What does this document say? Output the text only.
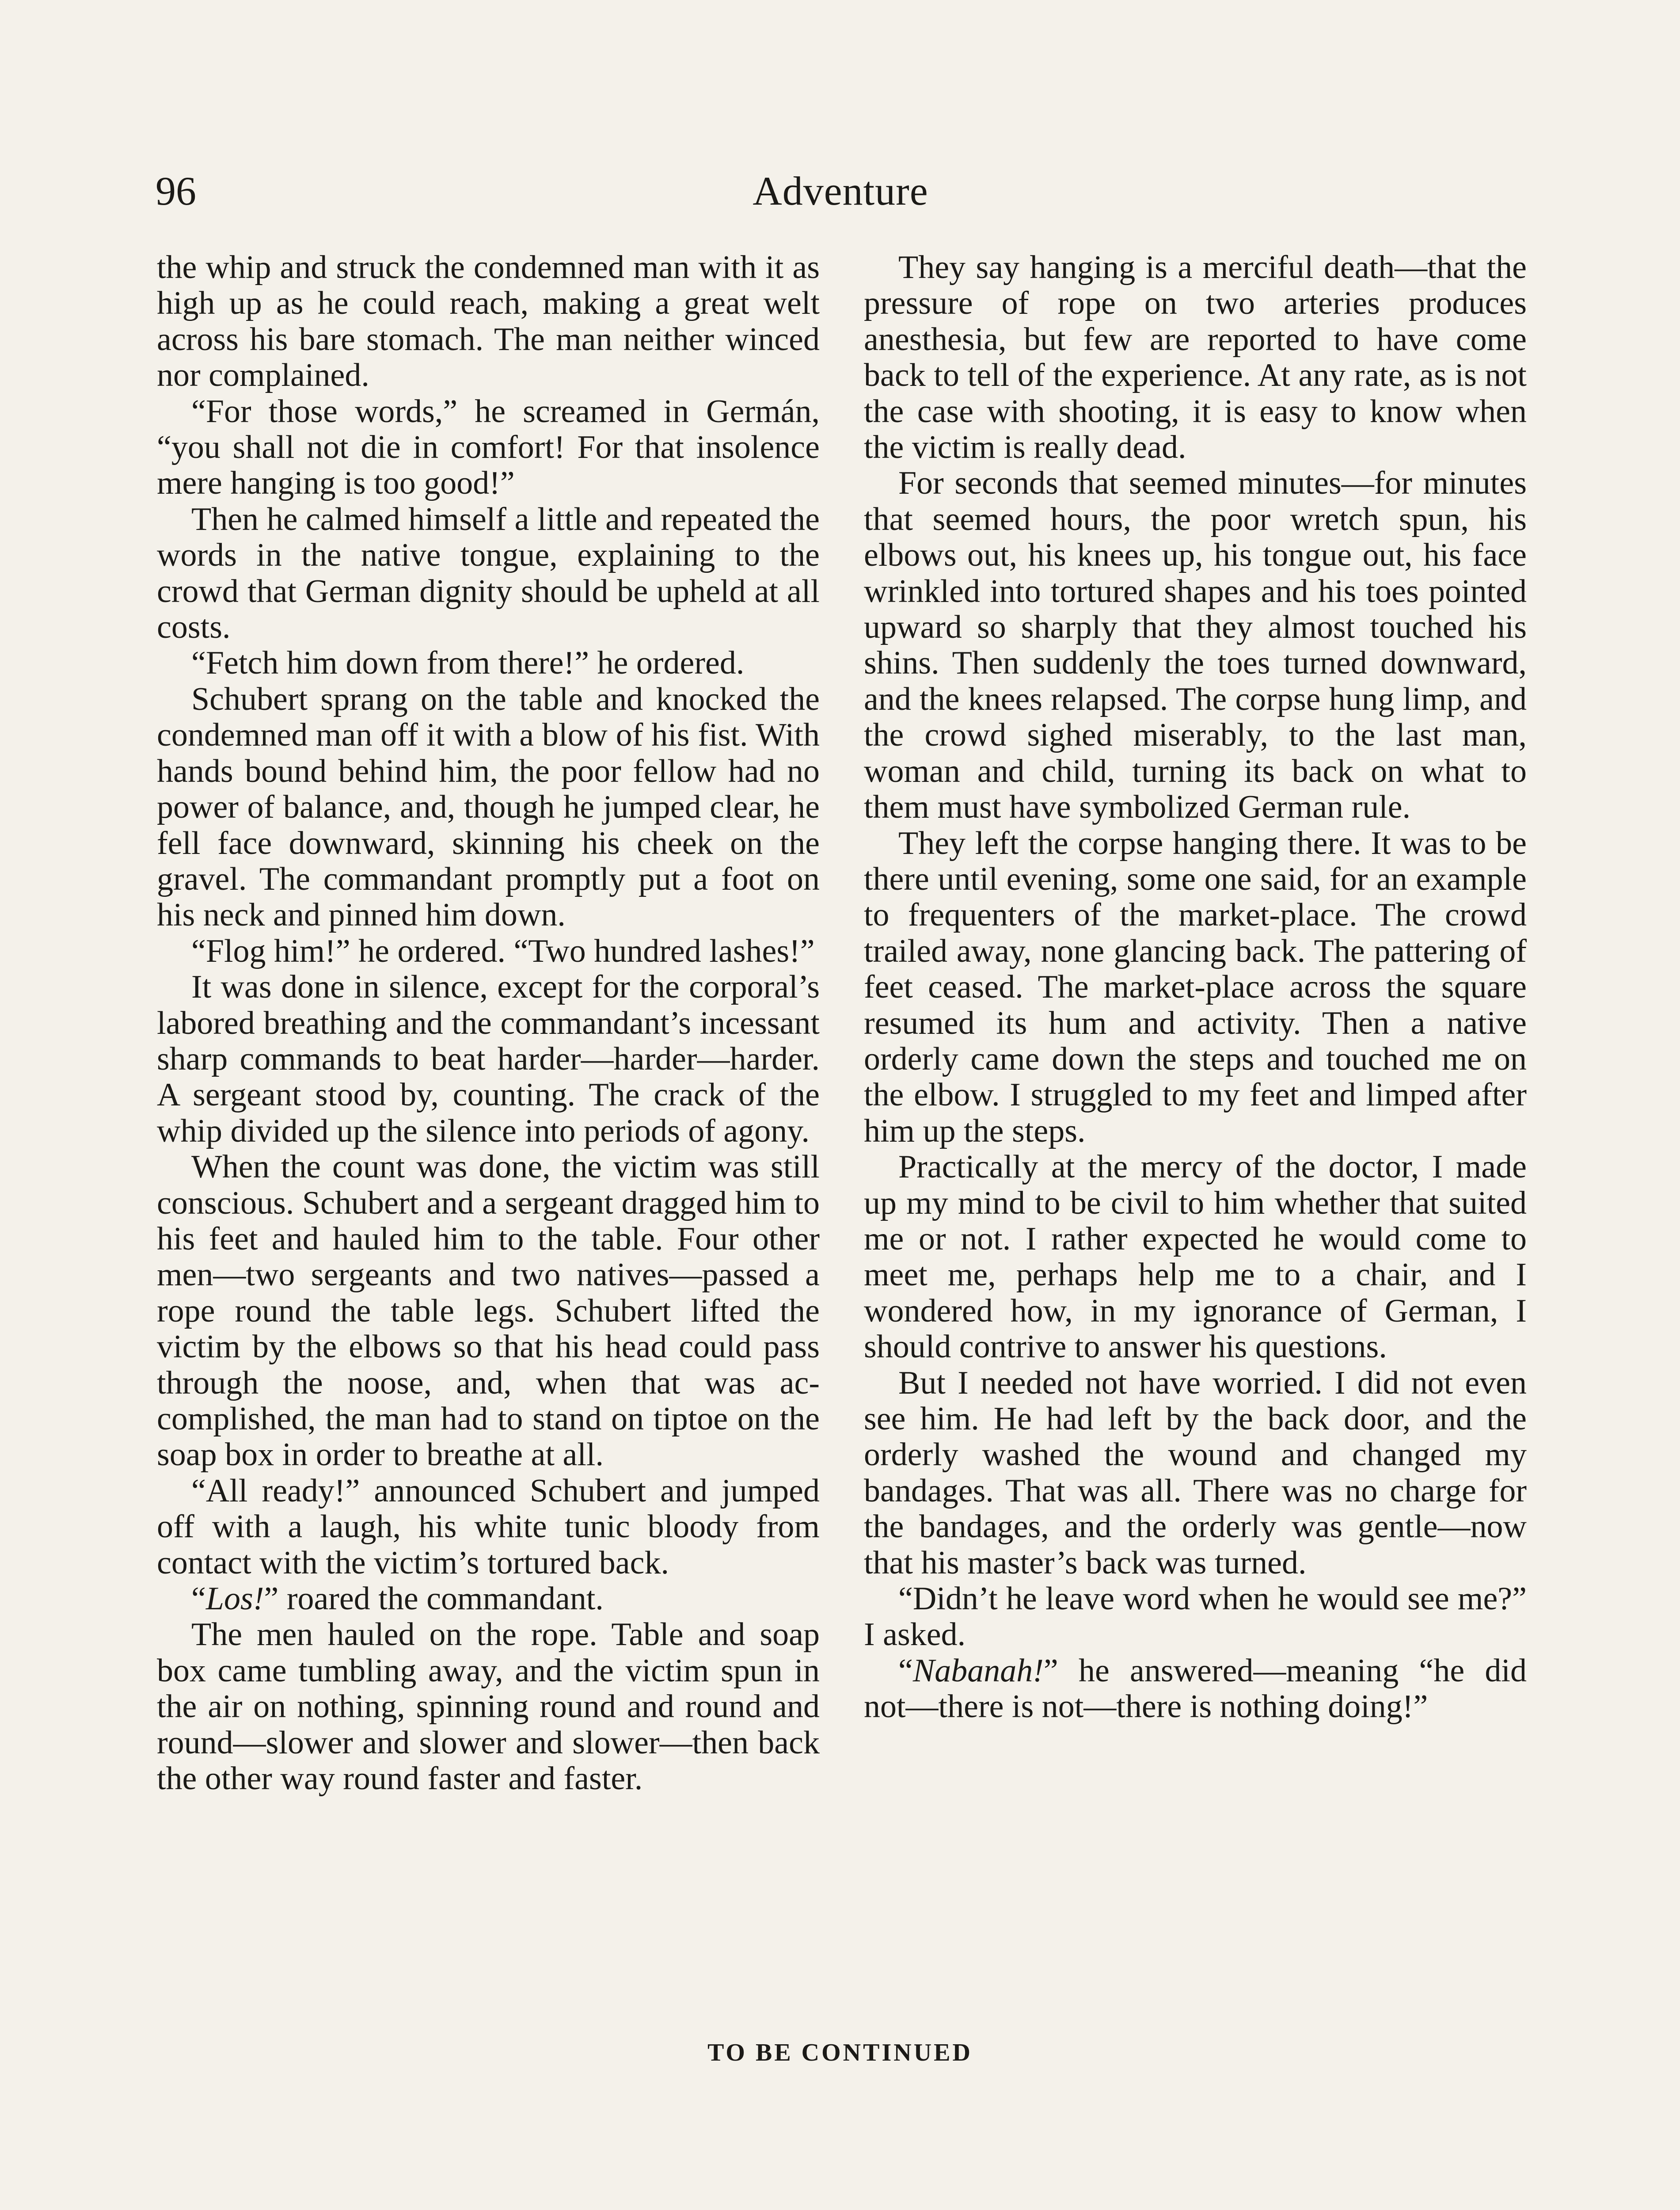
96	Adventure

the whip and struck the condemned man with it as high up as he could reach, making a great welt across his bare stomach. The man neither winced nor complained.

“For those words,” he screamed in Germán, “you shall not die in comfort! For that insolence mere hanging is too good!”

Then he calmed himself a little and repeated the words in the native tongue, explaining to the crowd that German dignity should be upheld at all costs.

“Fetch him down from there!” he ordered.

Schubert sprang on the table and knocked the condemned man off it with a blow of his fist. With hands bound behind him, the poor fellow had no power of balance, and, though he jumped clear, he fell face downward, skinning his cheek on the gravel. The commandant promptly put a foot on his neck and pinned him down.

“Flog him!” he ordered. “Two hundred lashes!”

It was done in silence, except for the corporal’s labored breathing and the commandant’s incessant sharp commands to beat harder—harder—harder. A sergeant stood by, counting. The crack of the whip divided up the silence into periods of agony.

When the count was done, the victim was still conscious. Schubert and a sergeant dragged him to his feet and hauled him to the table. Four other men—two sergeants and two natives—passed a rope round the table legs. Schubert lifted the victim by the elbows so that his head could pass through the noose, and, when that was accomplished, the man had to stand on tiptoe on the soap box in order to breathe at all.

“All ready!” announced Schubert and jumped off with a laugh, his white tunic bloody from contact with the victim’s tortured back.

“Los!” roared the commandant.

The men hauled on the rope. Table and soap box came tumbling away, and the victim spun in the air on nothing, spinning round and round and round—slower and slower and slower—then back the other way round faster and faster.

They say hanging is a merciful death—that the pressure of rope on two arteries produces anesthesia, but few are reported to have come back to tell of the experience. At any rate, as is not the case with shooting, it is easy to know when the victim is really dead.

For seconds that seemed minutes—for minutes that seemed hours, the poor wretch spun, his elbows out, his knees up, his tongue out, his face wrinkled into tortured shapes and his toes pointed upward so sharply that they almost touched his shins. Then suddenly the toes turned downward, and the knees relapsed. The corpse hung limp, and the crowd sighed miserably, to the last man, woman and child, turning its back on what to them must have symbolized German rule.

They left the corpse hanging there. It was to be there until evening, some one said, for an example to frequenters of the market-place. The crowd trailed away, none glancing back. The pattering of feet ceased. The market-place across the square resumed its hum and activity. Then a native orderly came down the steps and touched me on the elbow. I struggled to my feet and limped after him up the steps.

Practically at the mercy of the doctor, I made up my mind to be civil to him whether that suited me or not. I rather expected he would come to meet me, perhaps help me to a chair, and I wondered how, in my ignorance of German, I should contrive to answer his questions.

But I needed not have worried. I did not even see him. He had left by the back door, and the orderly washed the wound and changed my bandages. That was all. There was no charge for the bandages, and the orderly was gentle—now that his master’s back was turned.

“Didn’t he leave word when he would see me?” I asked.

“Nabanah!” he answered—meaning “he did not—there is not—there is nothing doing!”

TO BE CONTINUED
